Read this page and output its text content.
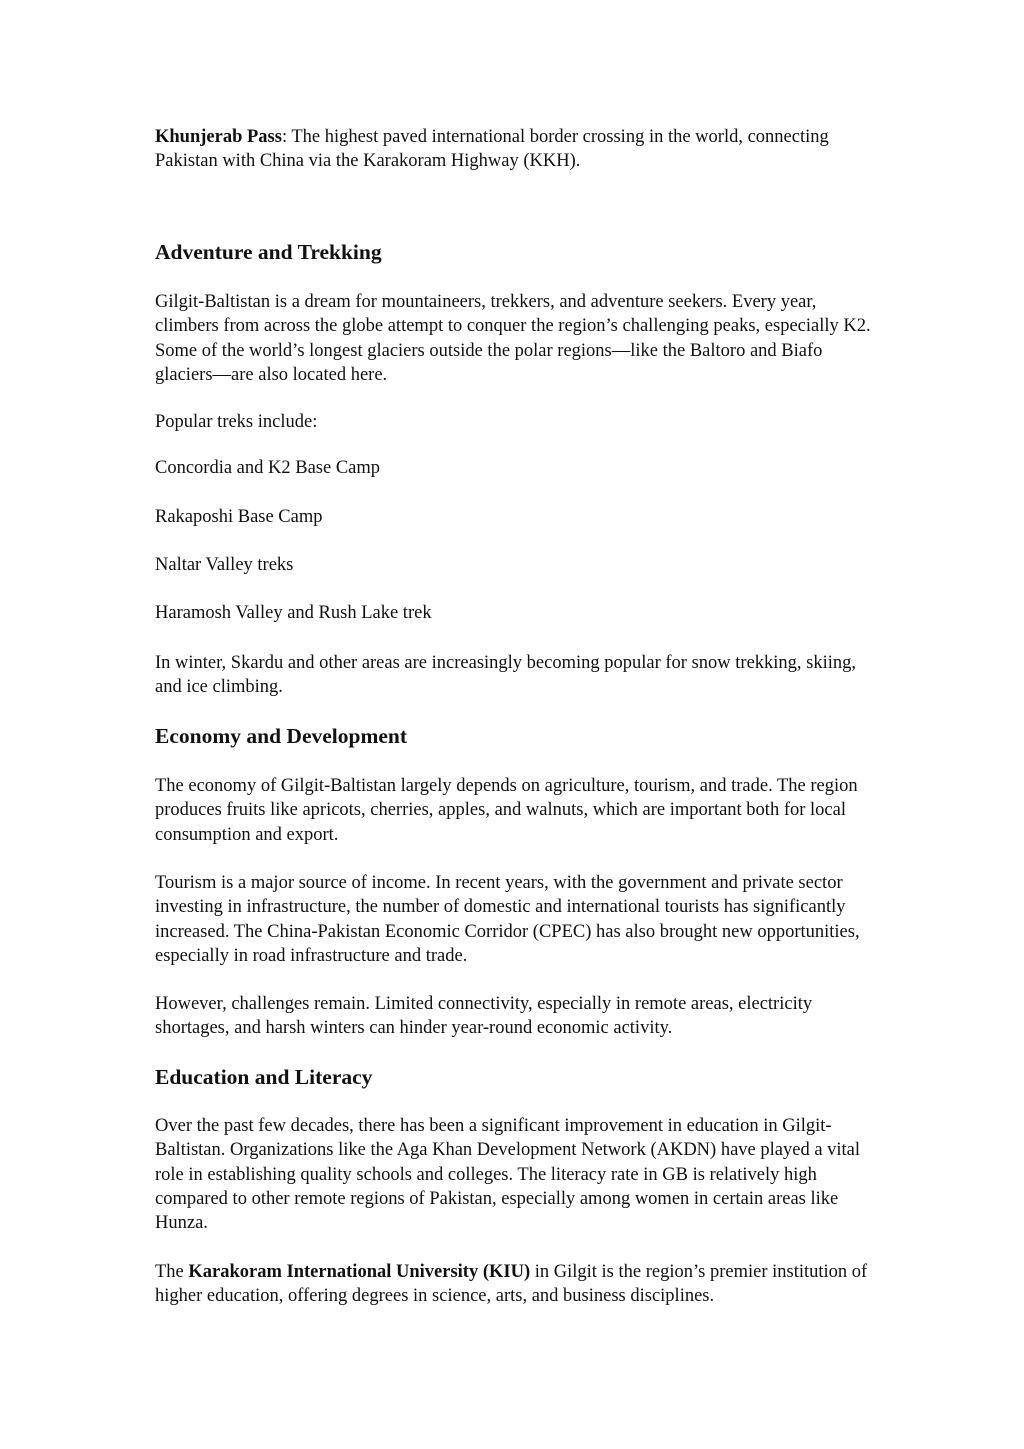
Khunjerab Pass: The highest paved international border crossing in the world, connecting Pakistan with China via the Karakoram Highway (KKH).

Adventure and Trekking

Gilgit-Baltistan is a dream for mountaineers, trekkers, and adventure seekers. Every year, climbers from across the globe attempt to conquer the region’s challenging peaks, especially K2. Some of the world’s longest glaciers outside the polar regions—like the Baltoro and Biafo glaciers—are also located here.

Popular treks include:

Concordia and K2 Base Camp

Rakaposhi Base Camp

Naltar Valley treks

Haramosh Valley and Rush Lake trek

In winter, Skardu and other areas are increasingly becoming popular for snow trekking, skiing, and ice climbing.

Economy and Development

The economy of Gilgit-Baltistan largely depends on agriculture, tourism, and trade. The region produces fruits like apricots, cherries, apples, and walnuts, which are important both for local consumption and export.

Tourism is a major source of income. In recent years, with the government and private sector investing in infrastructure, the number of domestic and international tourists has significantly increased. The China-Pakistan Economic Corridor (CPEC) has also brought new opportunities, especially in road infrastructure and trade.

However, challenges remain. Limited connectivity, especially in remote areas, electricity shortages, and harsh winters can hinder year-round economic activity.

Education and Literacy

Over the past few decades, there has been a significant improvement in education in Gilgit-Baltistan. Organizations like the Aga Khan Development Network (AKDN) have played a vital role in establishing quality schools and colleges. The literacy rate in GB is relatively high compared to other remote regions of Pakistan, especially among women in certain areas like Hunza.

The Karakoram International University (KIU) in Gilgit is the region’s premier institution of higher education, offering degrees in science, arts, and business disciplines.
